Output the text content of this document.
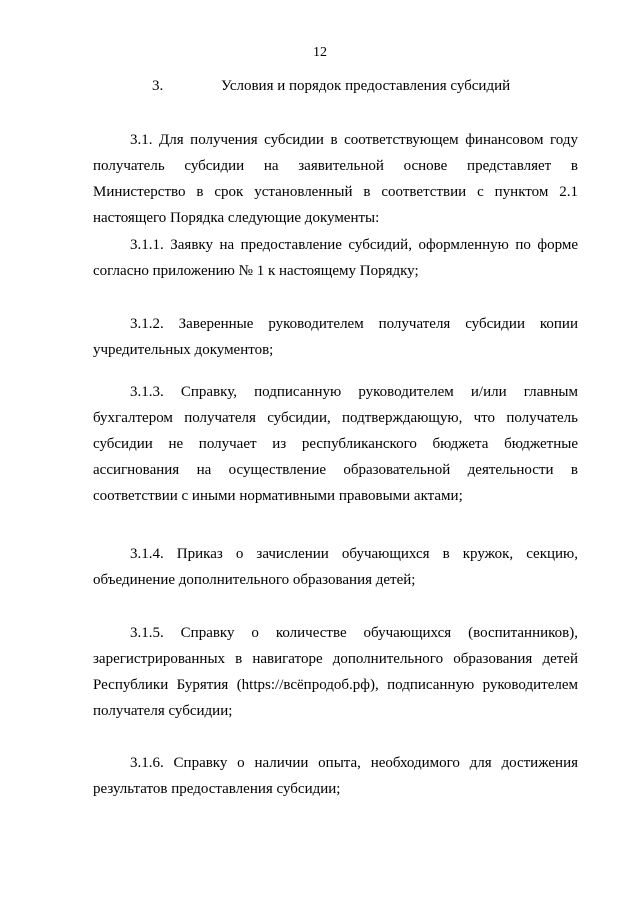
12
3.	Условия и порядок предоставления субсидий

3.1. Для получения субсидии в соответствующем финансовом году получатель субсидии на заявительной основе представляет в Министерство в срок установленный в соответствии с пунктом 2.1 настоящего Порядка следующие документы:

3.1.1. Заявку на предоставление субсидий, оформленную по форме согласно приложению № 1 к настоящему Порядку;

3.1.2. Заверенные руководителем получателя субсидии копии учредительных документов;

3.1.3. Справку, подписанную руководителем и/или главным бухгалтером получателя субсидии, подтверждающую, что получатель субсидии не получает из республиканского бюджета бюджетные ассигнования на осуществление образовательной деятельности в соответствии с иными нормативными правовыми актами;

3.1.4. Приказ о зачислении обучающихся в кружок, секцию, объединение дополнительного образования детей;

3.1.5. Справку о количестве обучающихся (воспитанников), зарегистрированных в навигаторе дополнительного образования детей Республики Бурятия (https://всёпродоб.рф), подписанную руководителем получателя субсидии;

3.1.6. Справку о наличии опыта, необходимого для достижения результатов предоставления субсидии;
